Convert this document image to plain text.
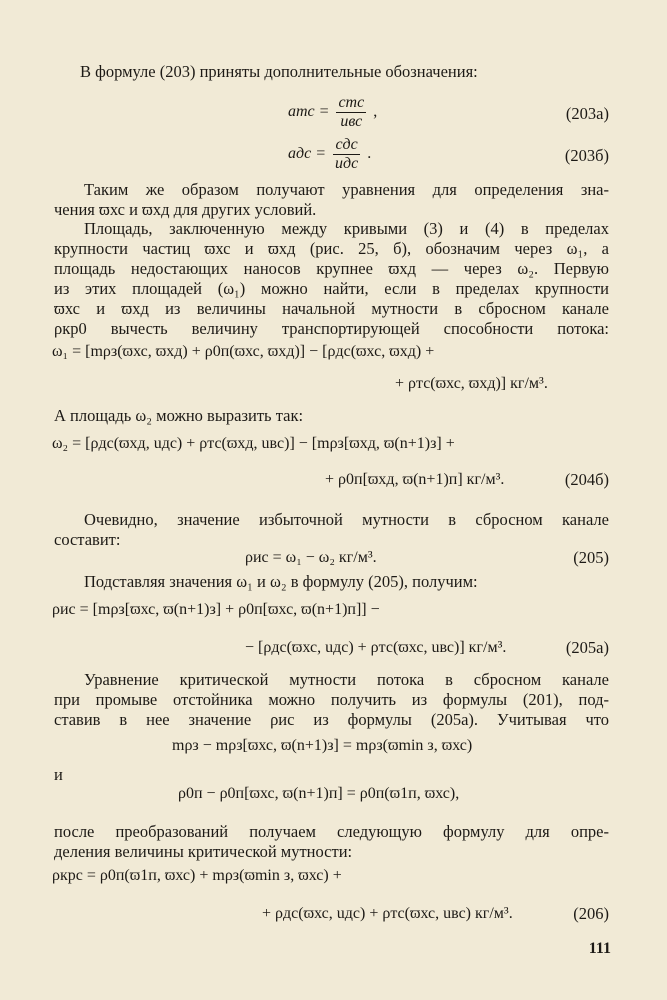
В формуле (203) приняты дополнительные обозначения:
aтс = $\frac{\text{cтс}}{\text{uвс}}$ ,	(203а)
aдс = $\frac{\text{cдс}}{\text{uдс}}$ .	(203б)
Таким же образом получают уравнения для определения зна-
чения ϖхс и ϖхд для других условий.
Площадь, заключенную между кривыми (3) и (4) в пределах
крупности частиц ϖхс и ϖхд (рис. 25, б), обозначим через ω₁, а
площадь недостающих наносов крупнее ϖхд — через ω₂. Первую
из этих площадей (ω₁) можно найти, если в пределах крупности
ϖхс и ϖхд из величины начальной мутности в сбросном канале
ρкр0 вычесть величину транспортирующей способности потока:
ω₁ = [mρз(ϖхс, ϖхд) + ρ0п(ϖхс, ϖхд)] − [ρдс(ϖхс, ϖхд) +
+ ρтс(ϖхс, ϖхд)] кг/м³.
А площадь ω₂ можно выразить так:
ω₂ = [ρдс(ϖхд, uдс) + ρтс(ϖхд, uвс)] − [mρз[ϖхд, ϖ(n+1)з] +
+ ρ0п[ϖхд, ϖ(n+1)п] кг/м³.	(204б)
Очевидно, значение избыточной мутности в сбросном канале
составит:
ρис = ω₁ − ω₂ кг/м³.	(205)
Подставляя значения ω₁ и ω₂ в формулу (205), получим:
ρис = [mρз[ϖхс, ϖ(n+1)з] + ρ0п[ϖхс, ϖ(n+1)п]] −
− [ρдс(ϖхс, uдс) + ρтс(ϖхс, uвс)] кг/м³.	(205а)
Уравнение критической мутности потока в сбросном канале
при промыве отстойника можно получить из формулы (201), под-
ставив в нее значение ρис из формулы (205а). Учитывая что
mρз − mρз[ϖхс, ϖ(n+1)з] = mρз(ϖmin з, ϖхс)
и
ρ0п − ρ0п[ϖхс, ϖ(n+1)п] = ρ0п(ϖ1п, ϖхс),
после преобразований получаем следующую формулу для опре-
деления величины критической мутности:
ρкрс = ρ0п(ϖ1п, ϖхс) + mρз(ϖmin з, ϖхс) +
+ ρдс(ϖхс, uдс) + ρтс(ϖхс, uвс) кг/м³.	(206)
111
